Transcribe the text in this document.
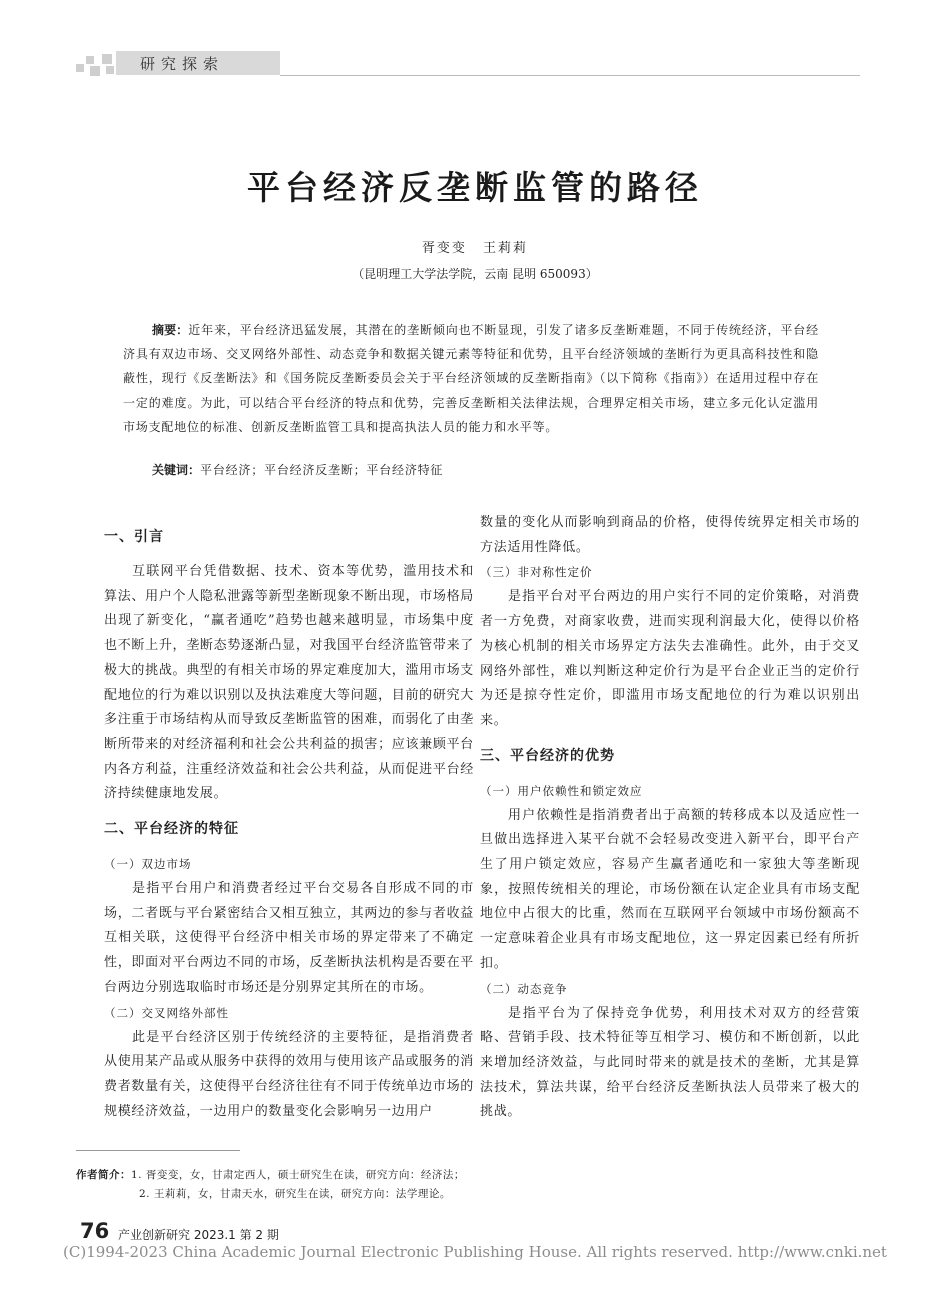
研究探索
平台经济反垄断监管的路径
胥变变 王莉莉
（昆明理工大学法学院，云南 昆明 650093）
摘要：近年来，平台经济迅猛发展，其潜在的垄断倾向也不断显现，引发了诸多反垄断难题，不同于传统经济，平台经济具有双边市场、交叉网络外部性、动态竞争和数据关键元素等特征和优势，且平台经济领域的垄断行为更具高科技性和隐蔽性，现行《反垄断法》和《国务院反垄断委员会关于平台经济领域的反垄断指南》（以下简称《指南》）在适用过程中存在一定的难度。为此，可以结合平台经济的特点和优势，完善反垄断相关法律法规，合理界定相关市场，建立多元化认定滥用市场支配地位的标准、创新反垄断监管工具和提高执法人员的能力和水平等。
关键词：平台经济；平台经济反垄断；平台经济特征
一、引言

互联网平台凭借数据、技术、资本等优势，滥用技术和算法、用户个人隐私泄露等新型垄断现象不断出现，市场格局出现了新变化，“赢者通吃”趋势也越来越明显，市场集中度也不断上升，垄断态势逐渐凸显，对我国平台经济监管带来了极大的挑战。典型的有相关市场的界定难度加大，滥用市场支配地位的行为难以识别以及执法难度大等问题，目前的研究大多注重于市场结构从而导致反垄断监管的困难，而弱化了由垄断所带来的对经济福利和社会公共利益的损害；应该兼顾平台内各方利益，注重经济效益和社会公共利益，从而促进平台经济持续健康地发展。

二、平台经济的特征
（一）双边市场

是指平台用户和消费者经过平台交易各自形成不同的市场，二者既与平台紧密结合又相互独立，其两边的参与者收益互相关联，这使得平台经济中相关市场的界定带来了不确定性，即面对平台两边不同的市场，反垄断执法机构是否要在平台两边分别选取临时市场还是分别界定其所在的市场。

（二）交叉网络外部性

此是平台经济区别于传统经济的主要特征，是指消费者从使用某产品或从服务中获得的效用与使用该产品或服务的消费者数量有关，这使得平台经济往往有不同于传统单边市场的规模经济效益，一边用户的数量变化会影响另一边用户

数量的变化从而影响到商品的价格，使得传统界定相关市场的方法适用性降低。

（三）非对称性定价

是指平台对平台两边的用户实行不同的定价策略，对消费者一方免费，对商家收费，进而实现利润最大化，使得以价格为核心机制的相关市场界定方法失去准确性。此外，由于交叉网络外部性，难以判断这种定价行为是平台企业正当的定价行为还是掠夺性定价，即滥用市场支配地位的行为难以识别出来。

三、平台经济的优势
（一）用户依赖性和锁定效应

用户依赖性是指消费者出于高额的转移成本以及适应性一旦做出选择进入某平台就不会轻易改变进入新平台，即平台产生了用户锁定效应，容易产生赢者通吃和一家独大等垄断现象，按照传统相关的理论，市场份额在认定企业具有市场支配地位中占很大的比重，然而在互联网平台领域中市场份额高不一定意味着企业具有市场支配地位，这一界定因素已经有所折扣。

（二）动态竞争

是指平台为了保持竞争优势，利用技术对双方的经营策略、营销手段、技术特征等互相学习、模仿和不断创新，以此来增加经济效益，与此同时带来的就是技术的垄断，尤其是算法技术，算法共谋，给平台经济反垄断执法人员带来了极大的挑战。

作者简介：1. 胥变变，女，甘肃定西人，硕士研究生在读，研究方向：经济法；
2. 王莉莉，女，甘肃天水，研究生在读，研究方向：法学理论。
76 产业创新研究 2023.1 第 2 期
(C)1994-2023 China Academic Journal Electronic Publishing House. All rights reserved. http://www.cnki.net
